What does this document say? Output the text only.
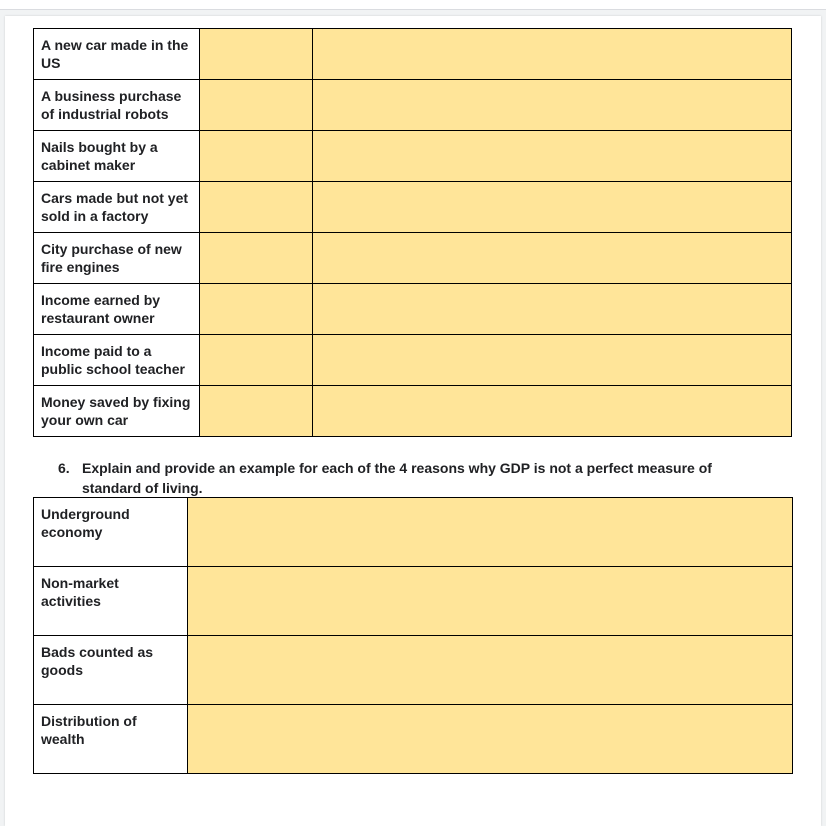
A new car made in the US		
A business purchase of industrial robots		
Nails bought by a cabinet maker		
Cars made but not yet sold in a factory		
City purchase of new fire engines		
Income earned by restaurant owner		
Income paid to a public school teacher		
Money saved by fixing your own car		
6. Explain and provide an example for each of the 4 reasons why GDP is not a perfect measure of standard of living.
Underground economy	
Non-market activities	
Bads counted as goods	
Distribution of wealth	
